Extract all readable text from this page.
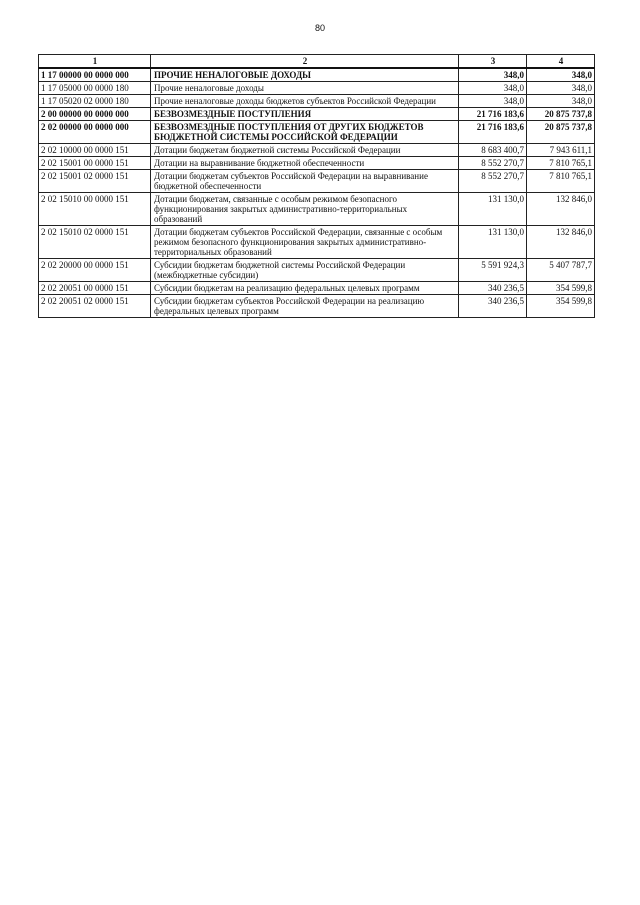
80
1	2	3	4
1 17 00000 00 0000 000	ПРОЧИЕ НЕНАЛОГОВЫЕ ДОХОДЫ	348,0	348,0
1 17 05000 00 0000 180	Прочие неналоговые доходы	348,0	348,0
1 17 05020 02 0000 180	Прочие неналоговые доходы бюджетов субъектов Российской Федерации	348,0	348,0
2 00 00000 00 0000 000	БЕЗВОЗМЕЗДНЫЕ ПОСТУПЛЕНИЯ	21 716 183,6	20 875 737,8
2 02 00000 00 0000 000	БЕЗВОЗМЕЗДНЫЕ ПОСТУПЛЕНИЯ ОТ ДРУГИХ БЮДЖЕТОВ БЮДЖЕТНОЙ СИСТЕМЫ РОССИЙСКОЙ ФЕДЕРАЦИИ	21 716 183,6	20 875 737,8
2 02 10000 00 0000 151	Дотации бюджетам бюджетной системы Российской Федерации	8 683 400,7	7 943 611,1
2 02 15001 00 0000 151	Дотации на выравнивание бюджетной обеспеченности	8 552 270,7	7 810 765,1
2 02 15001 02 0000 151	Дотации бюджетам субъектов Российской Федерации на выравнивание бюджетной обеспеченности	8 552 270,7	7 810 765,1
2 02 15010 00 0000 151	Дотации бюджетам, связанные с особым режимом безопасного функционирования закрытых административно-территориальных образований	131 130,0	132 846,0
2 02 15010 02 0000 151	Дотации бюджетам субъектов Российской Федерации, связанные с особым режимом безопасного функционирования закрытых административно-территориальных образований	131 130,0	132 846,0
2 02 20000 00 0000 151	Субсидии бюджетам бюджетной системы Российской Федерации (межбюджетные субсидии)	5 591 924,3	5 407 787,7
2 02 20051 00 0000 151	Субсидии бюджетам на реализацию федеральных целевых программ	340 236,5	354 599,8
2 02 20051 02 0000 151	Субсидии бюджетам субъектов Российской Федерации на реализацию федеральных целевых программ	340 236,5	354 599,8
